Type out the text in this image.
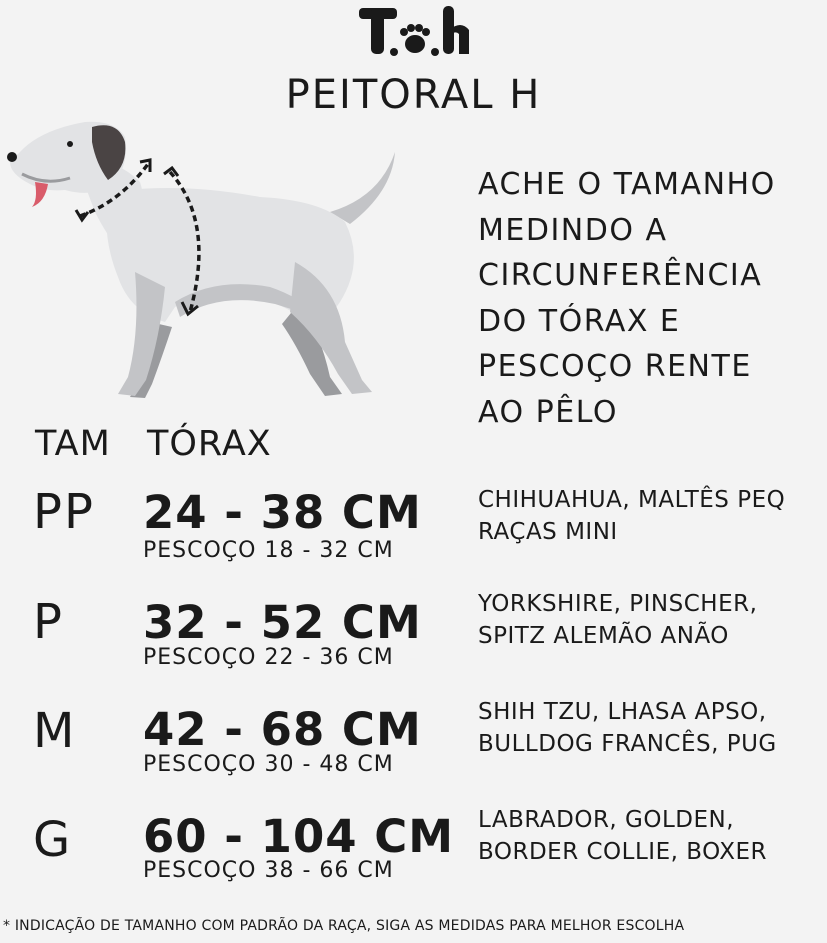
PEITORAL H
ACHE O TAMANHO
MEDINDO A
CIRCUNFERÊNCIA
DO TÓRAX E
PESCOÇO RENTE
AO PÊLO
TAM TÓRAX
PP 24 - 38 CM
PESCOÇO 18 - 32 CM
CHIHUAHUA, MALTÊS PEQ
RAÇAS MINI
P 32 - 52 CM
PESCOÇO 22 - 36 CM
YORKSHIRE, PINSCHER,
SPITZ ALEMÃO ANÃO
M 42 - 68 CM
PESCOÇO 30 - 48 CM
SHIH TZU, LHASA APSO,
BULLDOG FRANCÊS, PUG
G 60 - 104 CM
PESCOÇO 38 - 66 CM
LABRADOR, GOLDEN,
BORDER COLLIE, BOXER
* INDICAÇÃO DE TAMANHO COM PADRÃO DA RAÇA, SIGA AS MEDIDAS PARA MELHOR ESCOLHA
